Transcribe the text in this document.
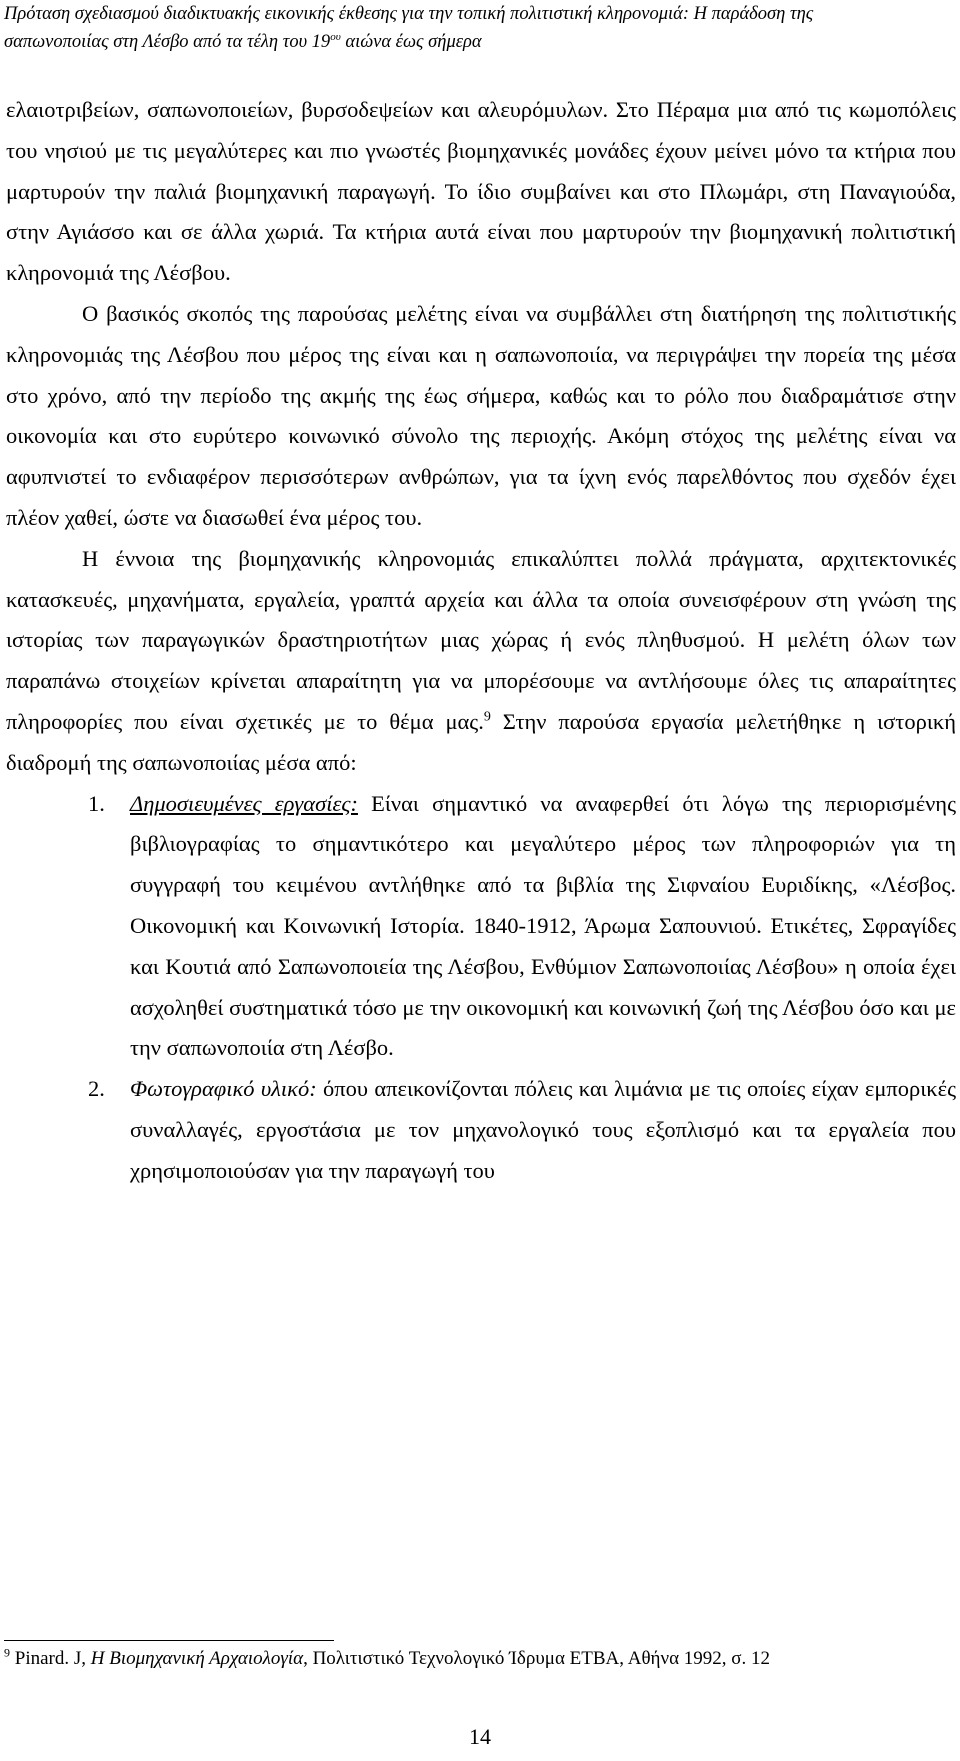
Πρόταση σχεδιασμού διαδικτυακής εικονικής έκθεσης για την τοπική πολιτιστική κληρονομιά: Η παράδοση της
σαπωνοποιίας στη Λέσβο από τα τέλη του $19^{o\upsilon}$ αιώνα έως σήμερα

ελαιοτριβείων, σαπωνοποιείων, βυρσοδεψείων και αλευρόμυλων. Στο Πέραμα μια από τις κωμοπόλεις του νησιού με τις μεγαλύτερες και πιο γνωστές βιομηχανικές μονάδες έχουν μείνει μόνο τα κτήρια που μαρτυρούν την παλιά βιομηχανική παραγωγή. Το ίδιο συμβαίνει και στο Πλωμάρι, στη Παναγιούδα, στην Αγιάσσο και σε άλλα χωριά. Τα κτήρια αυτά είναι που μαρτυρούν την βιομηχανική πολιτιστική κληρονομιά της Λέσβου.

Ο βασικός σκοπός της παρούσας μελέτης είναι να συμβάλλει στη διατήρηση της πολιτιστικής κληρονομιάς της Λέσβου που μέρος της είναι και η σαπωνοποιία, να περιγράψει την πορεία της μέσα στο χρόνο, από την περίοδο της ακμής της έως σήμερα, καθώς και το ρόλο που διαδραμάτισε στην οικονομία και στο ευρύτερο κοινωνικό σύνολο της περιοχής. Ακόμη στόχος της μελέτης είναι να αφυπνιστεί το ενδιαφέρον περισσότερων ανθρώπων, για τα ίχνη ενός παρελθόντος που σχεδόν έχει πλέον χαθεί, ώστε να διασωθεί ένα μέρος του.

Η έννοια της βιομηχανικής κληρονομιάς επικαλύπτει πολλά πράγματα, αρχιτεκτονικές κατασκευές, μηχανήματα, εργαλεία, γραπτά αρχεία και άλλα τα οποία συνεισφέρουν στη γνώση της ιστορίας των παραγωγικών δραστηριοτήτων μιας χώρας ή ενός πληθυσμού. Η μελέτη όλων των παραπάνω στοιχείων κρίνεται απαραίτητη για να μπορέσουμε να αντλήσουμε όλες τις απαραίτητες πληροφορίες που είναι σχετικές με το θέμα μας.$^9$ Στην παρούσα εργασία μελετήθηκε η ιστορική διαδρομή της σαπωνοποιίας μέσα από:

1. Δημοσιευμένες εργασίες: Είναι σημαντικό να αναφερθεί ότι λόγω της περιορισμένης βιβλιογραφίας το σημαντικότερο και μεγαλύτερο μέρος των πληροφοριών για τη συγγραφή του κειμένου αντλήθηκε από τα βιβλία της Σιφναίου Ευριδίκης, «Λέσβος. Οικονομική και Κοινωνική Ιστορία. 1840-1912, Άρωμα Σαπουνιού. Ετικέτες, Σφραγίδες και Κουτιά από Σαπωνοποιεία της Λέσβου, Ενθύμιον Σαπωνοποιίας Λέσβου» η οποία έχει ασχοληθεί συστηματικά τόσο με την οικονομική και κοινωνική ζωή της Λέσβου όσο και με την σαπωνοποιία στη Λέσβο.
2. Φωτογραφικό υλικό: όπου απεικονίζονται πόλεις και λιμάνια με τις οποίες είχαν εμπορικές συναλλαγές, εργοστάσια με τον μηχανολογικό τους εξοπλισμό και τα εργαλεία που χρησιμοποιούσαν για την παραγωγή του
$^9$ Pinard. J, Η Βιομηχανική Αρχαιολογία, Πολιτιστικό Τεχνολογικό Ίδρυμα ΕΤΒΑ, Αθήνα 1992, σ. 12
14
